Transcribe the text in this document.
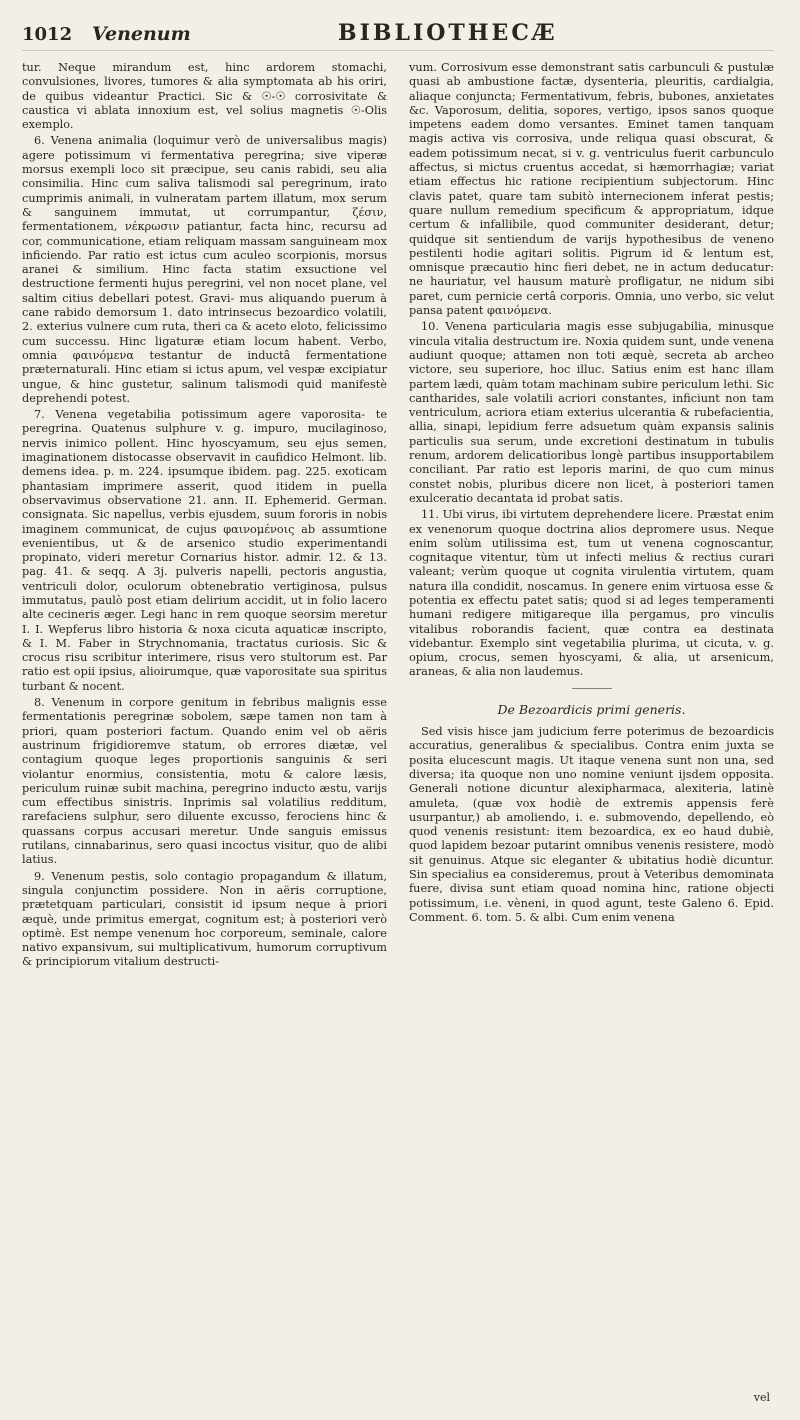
1012	Venenum	BIBLIOTHECÆ

tur. Neque mirandum est, hinc ardorem stomachi, convulsiones, livores, tumores & alia symptomata ab his oriri, de quibus videantur Practici. Sic & ☉-☉ corrosivitate & caustica vi ablata innoxium est, vel solius magnetis ☉-Olis exemplo.

6. Venena animalia (loquimur verò de universalibus magis) agere potissimum vi fermentativa peregrina; sive viperæ morsus exempli loco sit præcipue, seu canis rabidi, seu alia consimilia. Hinc cum saliva talismodi sal peregrinum, irato cumprimis animali, in vulneratam partem illatum, mox serum & sanguinem immutat, ut corrumpantur, ζέσιν, fermentationem, νέκρωσιν patiantur, facta hinc, recursu ad cor, communicatione, etiam reliquam massam sanguineam mox inficiendo. Par ratio est ictus cum aculeo scorpionis, morsus aranei & similium. Hinc facta statim exsuctione vel destructione fermenti hujus peregrini, vel non nocet plane, vel saltim citius debellari potest. Gravi- mus aliquando puerum à cane rabido demorsum 1. dato intrinsecus bezoardico volatili, 2. exterius vulnere cum ruta, theri ca & aceto eloto, felicissimo cum successu. Hinc ligaturæ etiam locum habent. Verbo, omnia φαινόμενα testantur de inductâ fermentatione præternaturali. Hinc etiam si ictus apum, vel vespæ excipiatur ungue, & hinc gustetur, salinum talismodi quid manifestè deprehendi potest.

7. Venena vegetabilia potissimum agere vaporosita- te peregrina. Quatenus sulphure v. g. impuro, mucilaginoso, nervis inimico pollent. Hinc hyoscyamum, seu ejus semen, imaginationem distocasse observavit in caufidico Helmont. lib. demens idea. p. m. 224. ipsumque ibidem. pag. 225. exoticam phantasiam imprimere asserit, quod itidem in puella observavimus observatione 21. ann. II. Ephemerid. German. consignata. Sic napellus, verbis ejusdem, suum fororis in nobis imaginem communicat, de cujus φαινομένοις ab assumtione evenientibus, ut & de arsenico studio experimentandi propinato, videri meretur Cornarius histor. admir. 12. & 13. pag. 41. & seqq. A 3j. pulveris napelli, pectoris angustia, ventriculi dolor, oculorum obtenebratio vertiginosa, pulsus immutatus, paulò post etiam delirium accidit, ut in folio lacero alte cecineris æger. Legi hanc in rem quoque seorsim meretur I. I. Wepferus libro historia & noxa cicuta aquaticæ inscripto, & I. M. Faber in Strychnomania, tractatus curiosis. Sic & crocus risu scribitur interimere, risus vero stultorum est. Par ratio est opii ipsius, alioirumque, quæ vaporositate sua spiritus turbant & nocent.

8. Venenum in corpore genitum in febribus malignis esse fermentationis peregrinæ sobolem, sæpe tamen non tam à priori, quam posteriori factum. Quando enim vel ob aëris austrinum frigidioremve statum, ob errores diætæ, vel contagium quoque leges proportionis sanguinis & seri violantur enormius, consistentia, motu & calore læsis, periculum ruinæ subit machina, peregrino inducto æstu, varijs cum effectibus sinistris. Inprimis sal volatilius redditum, rarefaciens sulphur, sero diluente excusso, ferociens hinc & quassans corpus accusari meretur. Unde sanguis emissus rutilans, cinnabarinus, sero quasi incoctus visitur, quo de alibi latius.

9. Venenum pestis, solo contagio propagandum & illatum, singula conjunctim possidere. Non in aëris corruptione, prætetquam particulari, consistit id ipsum neque à priori æquè, unde primitus emergat, cognitum est; à posteriori verò optimè. Est nempe venenum hoc corporeum, seminale, calore nativo expansivum, sui multiplicativum, humorum corruptivum & principiorum vitalium destructi-

vum. Corrosivum esse demonstrant satis carbunculi & pustulæ quasi ab ambustione factæ, dysenteria, pleuritis, cardialgia, aliaque conjuncta; Fermentativum, febris, bubones, anxietates &c. Vaporosum, delitia, sopores, vertigo, ipsos sanos quoque impetens eadem domo versantes. Eminet tamen tanquam magis activa vis corrosiva, unde reliqua quasi obscurat, & eadem potissimum necat, si v. g. ventriculus fuerit carbunculo affectus, si mictus cruentus accedat, si hæmorrhagiæ; variat etiam effectus hic ratione recipientium subjectorum. Hinc clavis patet, quare tam subitò internecionem inferat pestis; quare nullum remedium specificum & appropriatum, idque certum & infallibile, quod communiter desiderant, detur; quidque sit sentiendum de varijs hypothesibus de veneno pestilenti hodie agitari solitis. Pigrum id & lentum est, omnisque præcautio hinc fieri debet, ne in actum deducatur: ne hauriatur, vel hausum maturè profligatur, ne nidum sibi paret, cum pernicie certâ corporis. Omnia, uno verbo, sic velut pansa patent φαινόμενα.

10. Venena particularia magis esse subjugabilia, minusque vincula vitalia destructum ire. Noxia quidem sunt, unde venena audiunt quoque; attamen non toti æquè, secreta ab archeo victore, seu superiore, hoc illuc. Satius enim est hanc illam partem lædi, quàm totam machinam subire periculum lethi. Sic cantharides, sale volatili acriori constantes, inficiunt non tam ventriculum, acriora etiam exterius ulcerantia & rubefacientia, allia, sinapi, lepidium ferre adsuetum quàm expansis salinis particulis sua serum, unde excretioni destinatum in tubulis renum, ardorem delicatioribus longè partibus insupportabilem conciliant. Par ratio est leporis marini, de quo cum minus constet nobis, pluribus dicere non licet, à posteriori tamen exulceratio decantata id probat satis.

11. Ubi virus, ibi virtutem deprehendere licere. Præstat enim ex venenorum quoque doctrina alios depromere usus. Neque enim solùm utilissima est, tum ut venena cognoscantur, cognitaque vitentur, tùm ut infecti melius & rectius curari valeant; verùm quoque ut cognita virulentia virtutem, quam natura illa condidit, noscamus. In genere enim virtuosa esse & potentia ex effectu patet satis; quod si ad leges temperamenti humani redigere mitigareque illa pergamus, pro vinculis vitalibus roborandis facient, quæ contra ea destinata videbantur. Exemplo sint vegetabilia plurima, ut cicuta, v. g. opium, crocus, semen hyoscyami, & alia, ut arsenicum, araneas, & alia non laudemus.

De Bezoardicis primi generis.

Sed visis hisce jam judicium ferre poterimus de bezoardicis accuratius, generalibus & specialibus. Contra enim juxta se posita elucescunt magis. Ut itaque venena sunt non una, sed diversa; ita quoque non uno nomine veniunt ijsdem opposita. Generali notione dicuntur alexipharmaca, alexiteria, latinè amuleta, (quæ vox hodiè de extremis appensis ferè usurpantur,) ab amoliendo, i. e. submovendo, depellendo, eò quod venenis resistunt: item bezoardica, ex eo haud dubiè, quod lapidem bezoar putarint omnibus venenis resistere, modò sit genuinus. Atque sic eleganter & ubitatius hodiè dicuntur. Sin specialius ea consideremus, prout à Veteribus demominata fuere, divisa sunt etiam quoad nomina hinc, ratione objecti potissimum, i.e. vèneni, in quod agunt, teste Galeno 6. Epid. Comment. 6. tom. 5. & albi. Cum enim venena

vel
